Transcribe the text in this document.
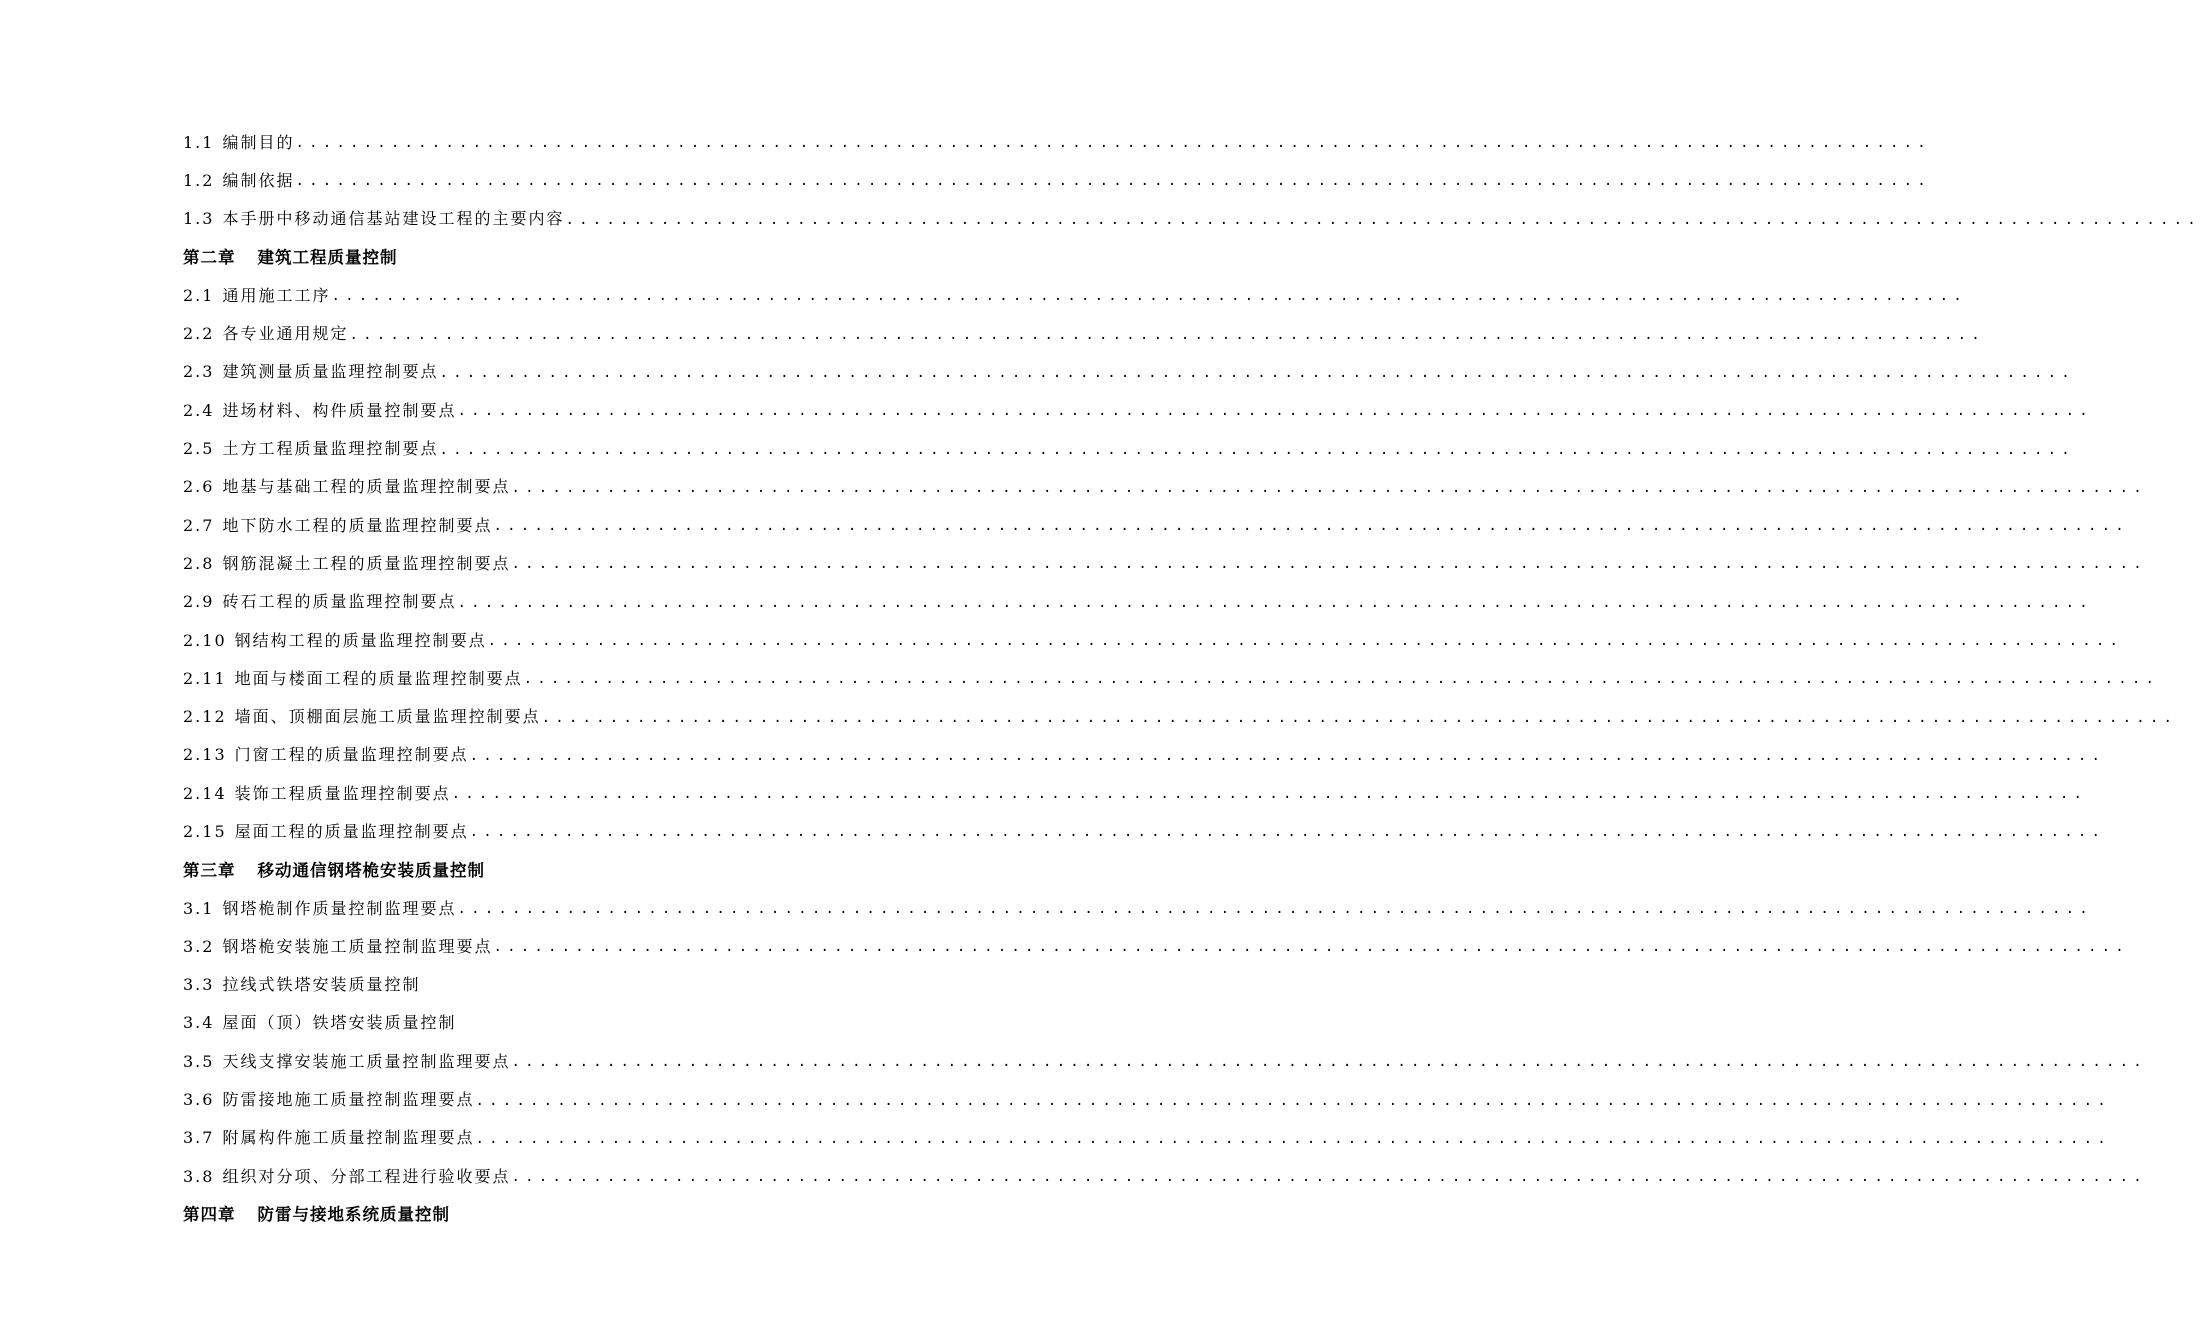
1.1 编制目的 ........................................................................................................................
1.2 编制依据 ........................................................................................................................
1.3 本手册中移动通信基站建设工程的主要内容 ........................................................................................................................
第二章 建筑工程质量控制
2.1 通用施工工序 ........................................................................................................................
2.2 各专业通用规定 ........................................................................................................................
2.3 建筑测量质量监理控制要点 ........................................................................................................................
2.4 进场材料、构件质量控制要点 ........................................................................................................................
2.5 土方工程质量监理控制要点 ........................................................................................................................
2.6 地基与基础工程的质量监理控制要点 ........................................................................................................................
2.7 地下防水工程的质量监理控制要点 ........................................................................................................................
2.8 钢筋混凝土工程的质量监理控制要点 ........................................................................................................................
2.9 砖石工程的质量监理控制要点 ........................................................................................................................
2.10 钢结构工程的质量监理控制要点 ........................................................................................................................
2.11 地面与楼面工程的质量监理控制要点 ........................................................................................................................
2.12 墙面、顶棚面层施工质量监理控制要点 ........................................................................................................................
2.13 门窗工程的质量监理控制要点 ........................................................................................................................
2.14 装饰工程质量监理控制要点 ........................................................................................................................
2.15 屋面工程的质量监理控制要点 ........................................................................................................................
第三章 移动通信钢塔桅安装质量控制
3.1 钢塔桅制作质量控制监理要点 ........................................................................................................................
3.2 钢塔桅安装施工质量控制监理要点 ........................................................................................................................
3.3 拉线式铁塔安装质量控制
3.4 屋面（顶）铁塔安装质量控制
3.5 天线支撑安装施工质量控制监理要点 ........................................................................................................................
3.6 防雷接地施工质量控制监理要点 ........................................................................................................................
3.7 附属构件施工质量控制监理要点 ........................................................................................................................
3.8 组织对分项、分部工程进行验收要点 ........................................................................................................................
第四章 防雷与接地系统质量控制
